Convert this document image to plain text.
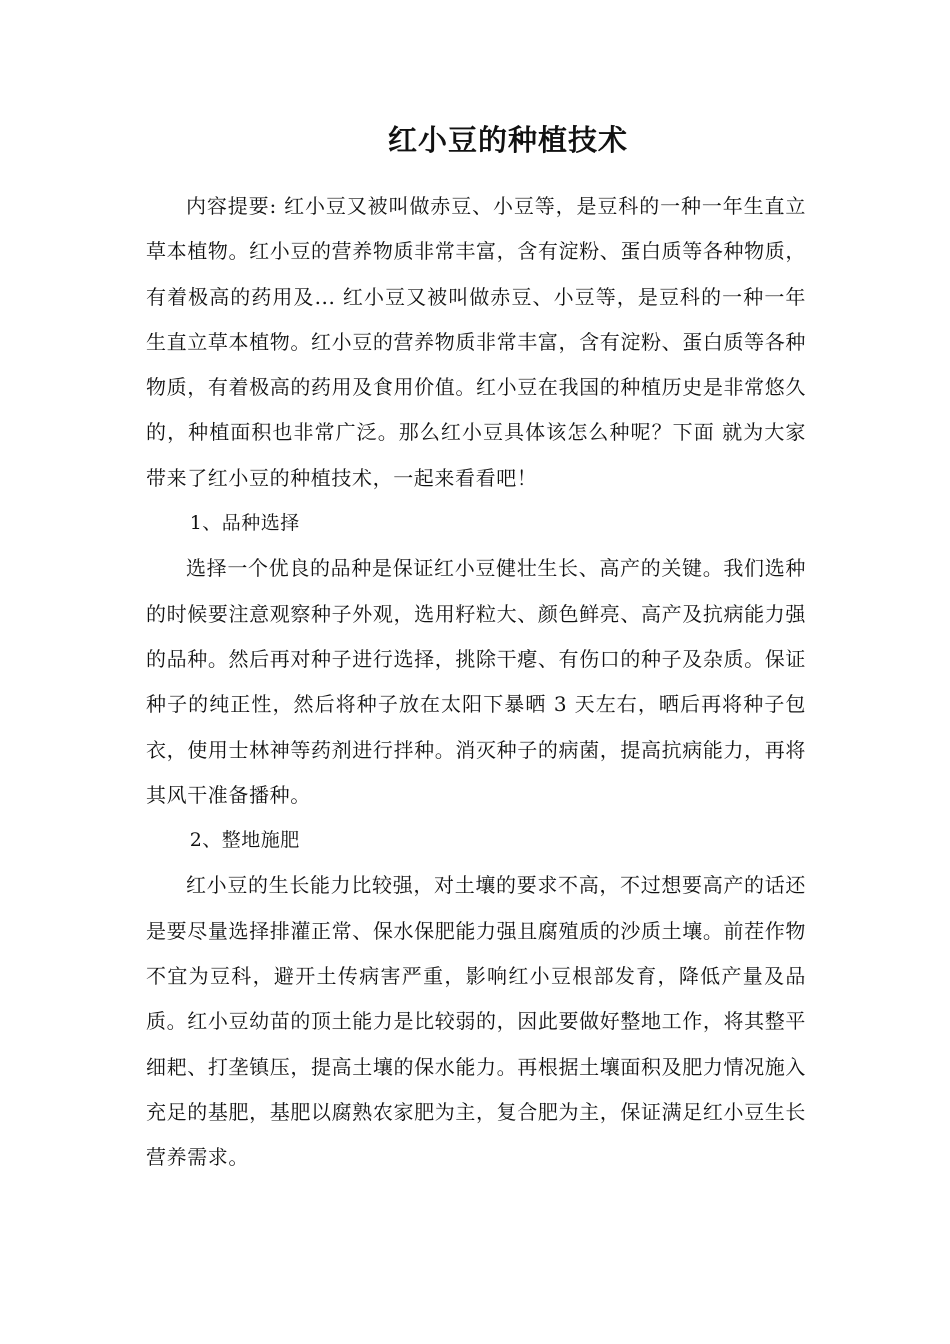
红小豆的种植技术

内容提要: 红小豆又被叫做赤豆、小豆等，是豆科的一种一年生直立草本植物。红小豆的营养物质非常丰富，含有淀粉、蛋白质等各种物质，有着极高的药用及... 红小豆又被叫做赤豆、小豆等，是豆科的一种一年生直立草本植物。红小豆的营养物质非常丰富，含有淀粉、蛋白质等各种物质，有着极高的药用及食用价值。红小豆在我国的种植历史是非常悠久的，种植面积也非常广泛。那么红小豆具体该怎么种呢？下面 就为大家带来了红小豆的种植技术，一起来看看吧！

1、品种选择

选择一个优良的品种是保证红小豆健壮生长、高产的关键。我们选种的时候要注意观察种子外观，选用籽粒大、颜色鲜亮、高产及抗病能力强的品种。然后再对种子进行选择，挑除干瘪、有伤口的种子及杂质。保证种子的纯正性，然后将种子放在太阳下暴晒 3 天左右，晒后再将种子包衣，使用士林神等药剂进行拌种。消灭种子的病菌，提高抗病能力，再将其风干准备播种。

2、整地施肥

红小豆的生长能力比较强，对土壤的要求不高，不过想要高产的话还是要尽量选择排灌正常、保水保肥能力强且腐殖质的沙质土壤。前茬作物不宜为豆科，避开土传病害严重，影响红小豆根部发育，降低产量及品质。红小豆幼苗的顶土能力是比较弱的，因此要做好整地工作，将其整平细耙、打垄镇压，提高土壤的保水能力。再根据土壤面积及肥力情况施入充足的基肥，基肥以腐熟农家肥为主，复合肥为主，保证满足红小豆生长营养需求。
